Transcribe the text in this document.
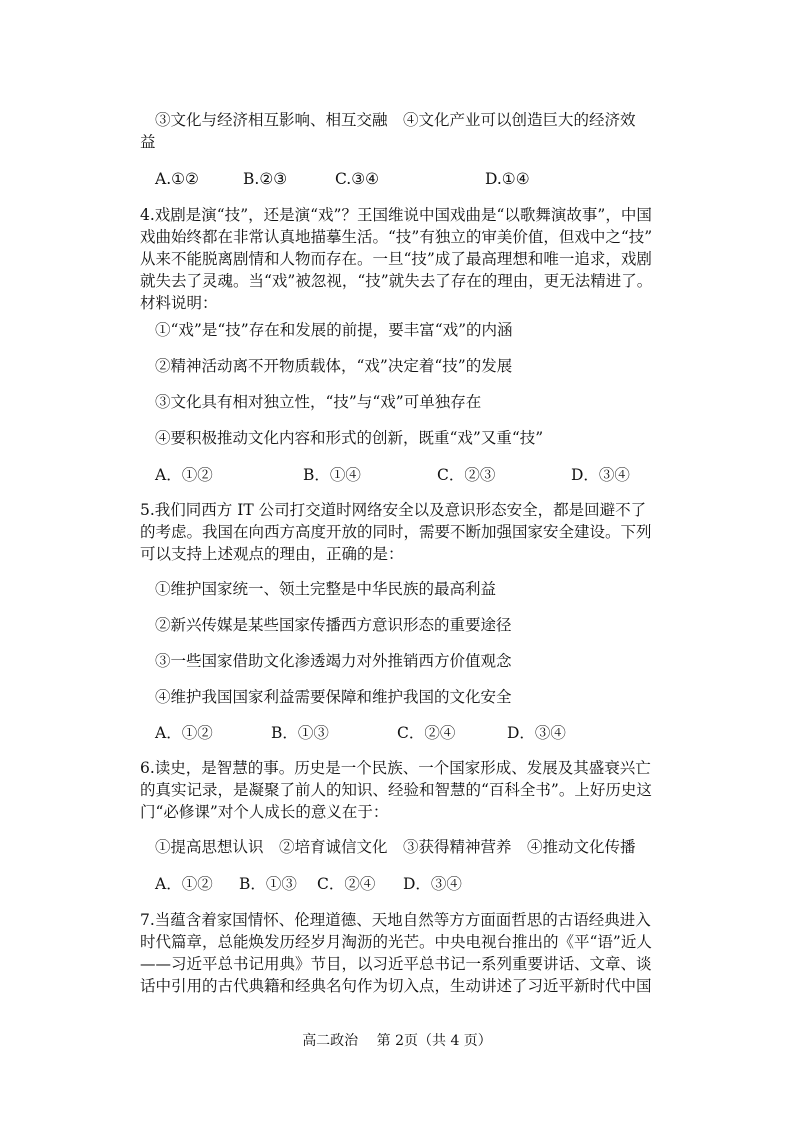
③文化与经济相互影响、相互交融　④文化产业可以创造巨大的经济效
益
A.①②	B.②③	C.③④	D.①④
4.戏剧是演“技”，还是演“戏”？王国维说中国戏曲是“以歌舞演故事”，中国
戏曲始终都在非常认真地描摹生活。“技”有独立的审美价值，但戏中之“技”
从来不能脱离剧情和人物而存在。一旦“技”成了最高理想和唯一追求，戏剧
就失去了灵魂。当“戏”被忽视，“技”就失去了存在的理由，更无法精进了。
材料说明：
①“戏”是“技”存在和发展的前提，要丰富“戏”的内涵
②精神活动离不开物质载体，“戏”决定着“技”的发展
③文化具有相对独立性，“技”与“戏”可单独存在
④要积极推动文化内容和形式的创新，既重“戏”又重“技”
A．①②	B．①④	C．②③	D．③④
5.我们同西方 IT 公司打交道时网络安全以及意识形态安全，都是回避不了
的考虑。我国在向西方高度开放的同时，需要不断加强国家安全建设。下列
可以支持上述观点的理由，正确的是：
①维护国家统一、领土完整是中华民族的最高利益
②新兴传媒是某些国家传播西方意识形态的重要途径
③一些国家借助文化渗透竭力对外推销西方价值观念
④维护我国国家利益需要保障和维护我国的文化安全
A．①②	B．①③	C．②④	D．③④
6.读史，是智慧的事。历史是一个民族、一个国家形成、发展及其盛衰兴亡
的真实记录，是凝聚了前人的知识、经验和智慧的“百科全书”。上好历史这
门“必修课”对个人成长的意义在于：
①提高思想认识　②培育诚信文化　③获得精神营养　④推动文化传播
A．①② B．①③ C．②④ D．③④
7.当蕴含着家国情怀、伦理道德、天地自然等方方面面哲思的古语经典进入
时代篇章，总能焕发历经岁月淘沥的光芒。中央电视台推出的《平“语”近人
——习近平总书记用典》节目，以习近平总书记一系列重要讲话、文章、谈
话中引用的古代典籍和经典名句作为切入点，生动讲述了习近平新时代中国
高二政治　 第 2页（共 4 页）
